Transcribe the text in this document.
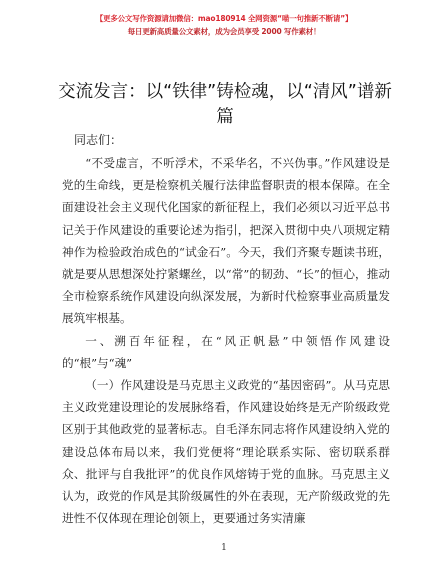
【更多公文写作资源请加微信：mao180914 全网资源“喵一句推新不断请”】
每日更新高质量公文素材，成为会员享受 2000 写作素材！
交流发言：以“铁律”铸检魂，以“清风”谱新篇
同志们：

“不受虚言，不听浮术，不采华名，不兴伪事。”作风建设是党的生命线，更是检察机关履行法律监督职责的根本保障。在全面建设社会主义现代化国家的新征程上，我们必须以习近平总书记关于作风建设的重要论述为指引，把深入贯彻中央八项规定精神作为检验政治成色的“试金石”。今天，我们齐聚专题读书班，就是要从思想深处拧紧螺丝，以“常”的韧劲、“长”的恒心，推动全市检察系统作风建设向纵深发展，为新时代检察事业高质量发展筑牢根基。

一、溯百年征程，在“风正帆悬”中领悟作风建设的“根”与“魂”

（一）作风建设是马克思主义政党的“基因密码”。从马克思主义政党建设理论的发展脉络看，作风建设始终是无产阶级政党区别于其他政党的显著标志。自毛泽东同志将作风建设纳入党的建设总体布局以来，我们党便将“理论联系实际、密切联系群众、批评与自我批评”的优良作风熔铸于党的血脉。马克思主义认为，政党的作风是其阶级属性的外在表现，无产阶级政党的先进性不仅体现在理论创领上，更要通过务实清廉

1
